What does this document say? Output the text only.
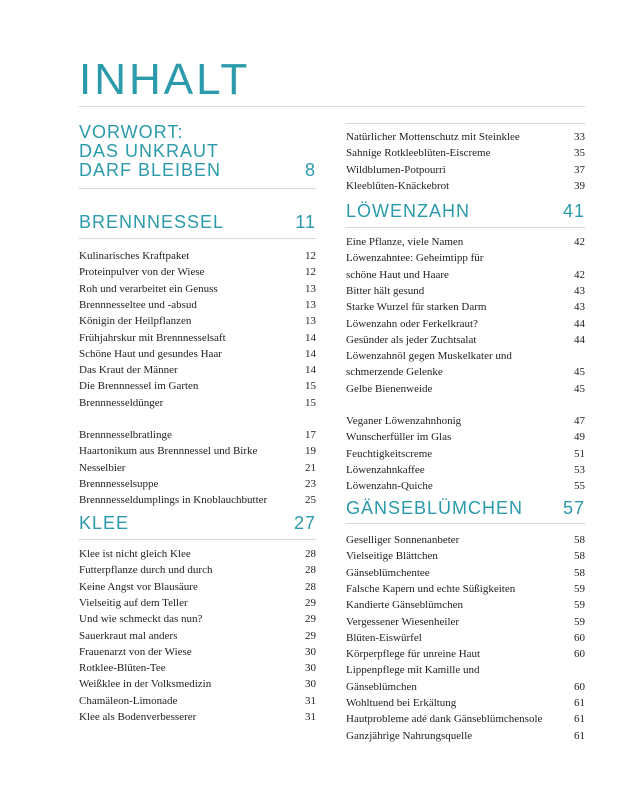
INHALT
VORWORT:
DAS UNKRAUT
DARF BLEIBEN	8
BRENNNESSEL	11
Kulinarisches Kraftpaket	12
Proteinpulver von der Wiese	12
Roh und verarbeitet ein Genuss	13
Brennnesseltee und -absud	13
Königin der Heilpflanzen	13
Frühjahrskur mit Brennnesselsaft	14
Schöne Haut und gesundes Haar	14
Das Kraut der Männer	14
Die Brennnessel im Garten	15
Brennnesseldünger	15
Brennnesselbratlinge	17
Haartonikum aus Brennnessel und Birke	19
Nesselbier	21
Brennnesselsuppe	23
Brennnesseldumplings in Knoblauchbutter	25
KLEE	27
Klee ist nicht gleich Klee	28
Futterpflanze durch und durch	28
Keine Angst vor Blausäure	28
Vielseitig auf dem Teller	29
Und wie schmeckt das nun?	29
Sauerkraut mal anders	29
Frauenarzt von der Wiese	30
Rotklee-Blüten-Tee	30
Weißklee in der Volksmedizin	30
Chamäleon-Limonade	31
Klee als Bodenverbesserer	31
Natürlicher Mottenschutz mit Steinklee	33
Sahnige Rotkleeblüten-Eiscreme	35
Wildblumen-Potpourri	37
Kleeblüten-Knäckebrot	39
LÖWENZAHN	41
Eine Pflanze, viele Namen	42
Löwenzahntee: Geheimtipp für
schöne Haut und Haare	42
Bitter hält gesund	43
Starke Wurzel für starken Darm	43
Löwenzahn oder Ferkelkraut?	44
Gesünder als jeder Zuchtsalat	44
Löwenzahnöl gegen Muskelkater und
schmerzende Gelenke	45
Gelbe Bienenweide	45
Veganer Löwenzahnhonig	47
Wunscherfüller im Glas	49
Feuchtigkeitscreme	51
Löwenzahnkaffee	53
Löwenzahn-Quiche	55
GÄNSEBLÜMCHEN	57
Geselliger Sonnenanbeter	58
Vielseitige Blättchen	58
Gänseblümchentee	58
Falsche Kapern und echte Süßigkeiten	59
Kandierte Gänseblümchen	59
Vergessener Wiesenheiler	59
Blüten-Eiswürfel	60
Körperpflege für unreine Haut	60
Lippenpflege mit Kamille und
Gänseblümchen	60
Wohltuend bei Erkältung	61
Hautprobleme adé dank Gänseblümchensole	61
Ganzjährige Nahrungsquelle	61
